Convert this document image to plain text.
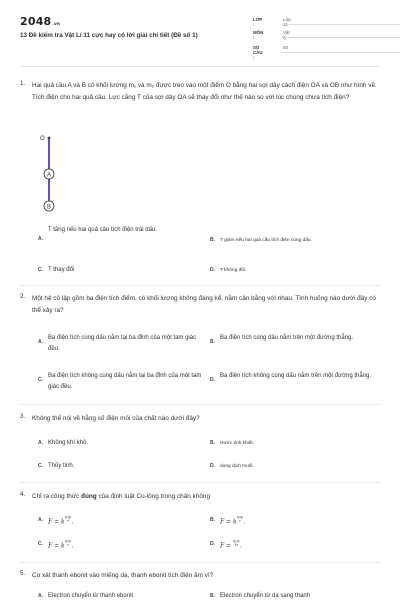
2048.vn
13 Đề kiểm tra Vật Lí 11 cực hay có lời giải chi tiết (Đề số 1)
LỚP :
Lớp 11
MÔN :
Vật lý
SỐ CÂU :
40
1. Hai quả cầu A và B có khối lượng m₁ và m₂ được treo vào một điểm O bằng hai sợi dây cách điện OA và OB như hình vẽ. Tích điện cho hai quả cầu. Lực căng T của sợi dây OA sẽ thay đổi như thế nào so với lúc chúng chưa tích điện?
O
A
B
A.
T tăng nếu hai quả cầu tích điện trái dấu.
B. T giảm nếu hai quả cầu tích điện cùng dấu.
C. T thay đổi	D. T không đổi.
2. Một hệ cô lập gồm ba điện tích điểm, có khối lượng không đáng kể, nằm cân bằng với nhau. Tình huống nào dưới đây có thể xảy ra?
A.
Ba điện tích cùng dấu nằm tại ba đỉnh của một tam giác đều.
B.
Ba điện tích cùng dấu nằm trên một đường thẳng.
C.
Ba điện tích không cùng dấu nằm tại ba đỉnh của một tam giác đều.
D.
Ba điện tích không cùng dấu nằm trên một đường thẳng.
3. Không thể nói về hằng số điện môi của chất nào dưới đây?
A. Không khí khô.	B. Nước tinh khiết.
C. Thủy tinh.	D. dung dịch muối.
4. Chỉ ra công thức đúng của định luật Cu-lông trong chân không
A. F = kq₁q₂
r² .	B. F = kq₁q₂
r .
C. F = kq₁q₂
r .	D. F = q₁q₂
kr .
5. Cọ xát thanh ebonit vào miếng dạ, thanh ebonit tích điện âm vì?
A. Electron chuyển từ thanh ebonit	B. Electron chuyển từ dạ sang thanh
